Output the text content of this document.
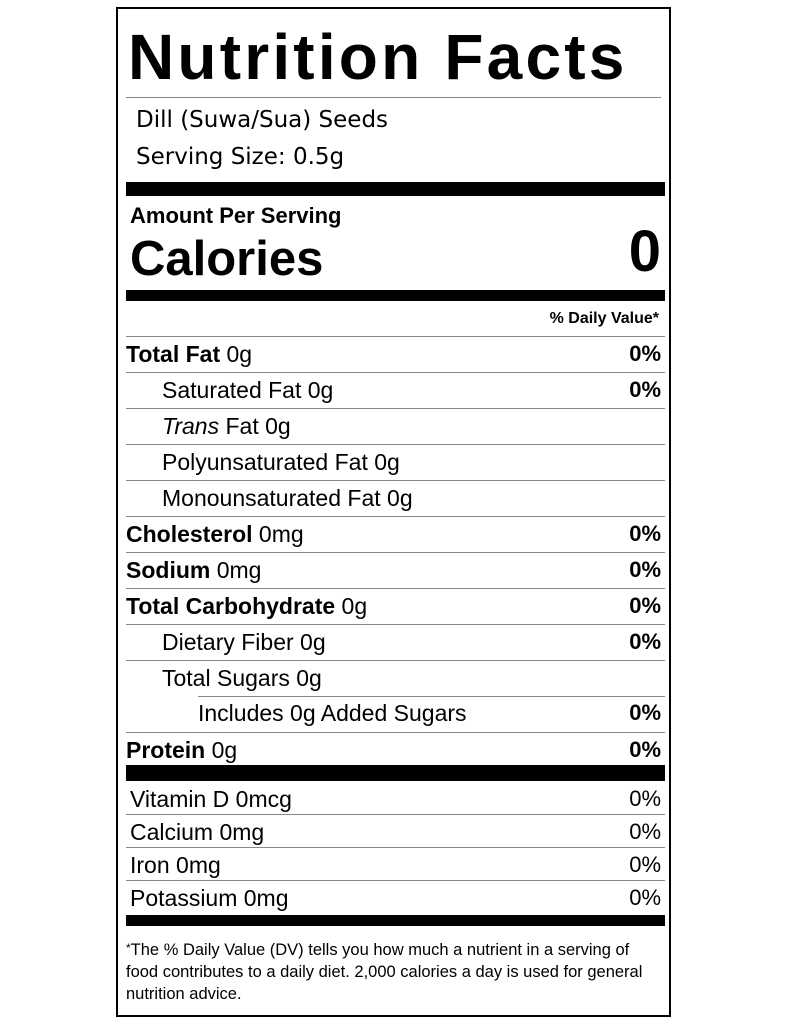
Nutrition Facts
Dill (Suwa/Sua) Seeds
Serving Size: 0.5g
Amount Per Serving
Calories	0
% Daily Value*
Total Fat 0g	0%
Saturated Fat 0g	0%
Trans Fat 0g
Polyunsaturated Fat 0g
Monounsaturated Fat 0g
Cholesterol 0mg	0%
Sodium 0mg	0%
Total Carbohydrate 0g	0%
Dietary Fiber 0g	0%
Total Sugars 0g
Includes 0g Added Sugars	0%
Protein 0g	0%
Vitamin D 0mcg	0%
Calcium 0mg	0%
Iron 0mg	0%
Potassium 0mg	0%
*The % Daily Value (DV) tells you how much a nutrient in a serving of food contributes to a daily diet. 2,000 calories a day is used for general nutrition advice.
